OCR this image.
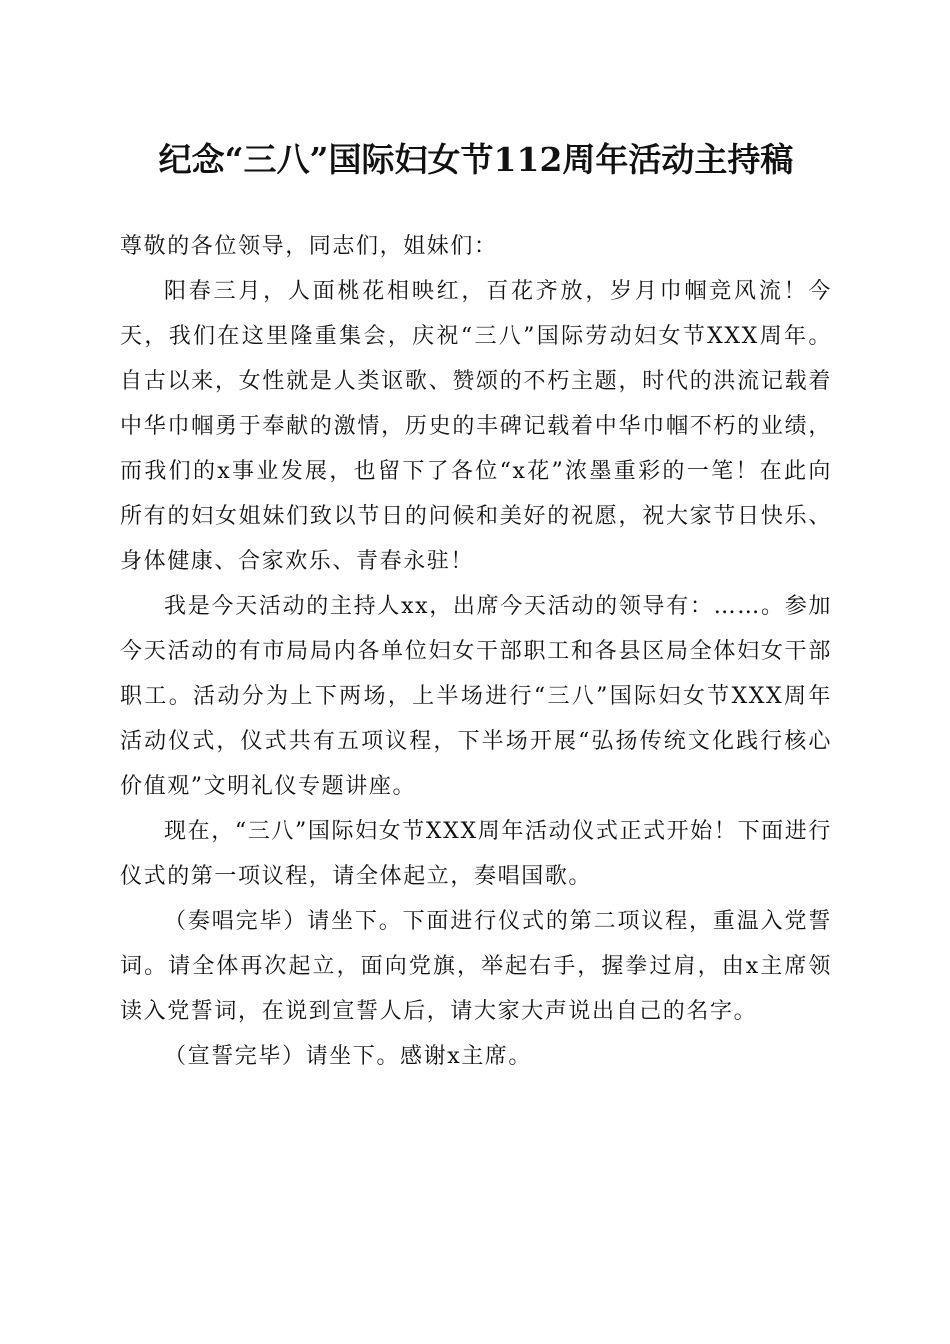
纪念“三八”国际妇女节112周年活动主持稿

尊敬的各位领导，同志们，姐妹们：

阳春三月，人面桃花相映红，百花齐放，岁月巾帼竞风流！今天，我们在这里隆重集会，庆祝“三八”国际劳动妇女节XXX周年。自古以来，女性就是人类讴歌、赞颂的不朽主题，时代的洪流记载着中华巾帼勇于奉献的激情，历史的丰碑记载着中华巾帼不朽的业绩，而我们的x事业发展，也留下了各位“x花”浓墨重彩的一笔！在此向所有的妇女姐妹们致以节日的问候和美好的祝愿，祝大家节日快乐、身体健康、合家欢乐、青春永驻！

我是今天活动的主持人xx，出席今天活动的领导有：……。参加今天活动的有市局局内各单位妇女干部职工和各县区局全体妇女干部职工。活动分为上下两场，上半场进行“三八”国际妇女节XXX周年活动仪式，仪式共有五项议程，下半场开展“弘扬传统文化践行核心价值观”文明礼仪专题讲座。

现在，“三八”国际妇女节XXX周年活动仪式正式开始！下面进行仪式的第一项议程，请全体起立，奏唱国歌。

（奏唱完毕）请坐下。下面进行仪式的第二项议程，重温入党誓词。请全体再次起立，面向党旗，举起右手，握拳过肩，由x主席领读入党誓词，在说到宣誓人后，请大家大声说出自己的名字。

（宣誓完毕）请坐下。感谢x主席。
